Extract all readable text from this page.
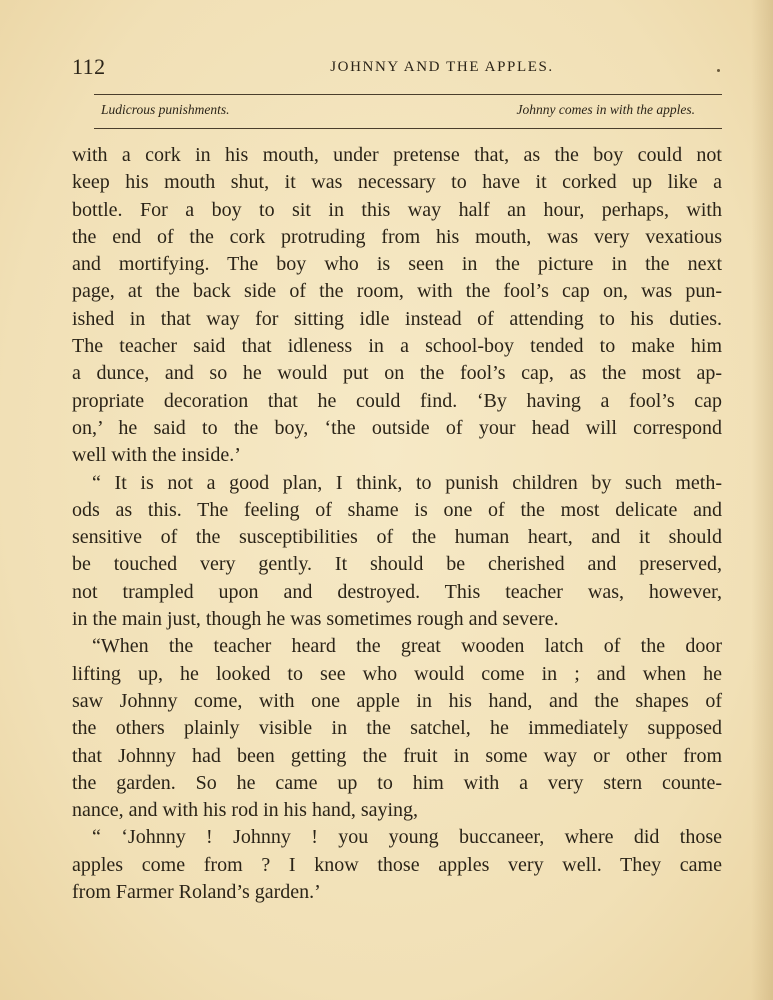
112	JOHNNY AND THE APPLES.
Ludicrous punishments.	Johnny comes in with the apples.
with a cork in his mouth, under pretense that, as the boy could not
keep his mouth shut, it was necessary to have it corked up like a
bottle. For a boy to sit in this way half an hour, perhaps, with
the end of the cork protruding from his mouth, was very vexatious
and mortifying. The boy who is seen in the picture in the next
page, at the back side of the room, with the fool’s cap on, was pun-
ished in that way for sitting idle instead of attending to his duties.
The teacher said that idleness in a school-boy tended to make him
a dunce, and so he would put on the fool’s cap, as the most ap-
propriate decoration that he could find. ‘By having a fool’s cap
on,’ he said to the boy, ‘the outside of your head will correspond
well with the inside.’
“ It is not a good plan, I think, to punish children by such meth-
ods as this. The feeling of shame is one of the most delicate and
sensitive of the susceptibilities of the human heart, and it should
be touched very gently. It should be cherished and preserved,
not trampled upon and destroyed. This teacher was, however,
in the main just, though he was sometimes rough and severe.
“When the teacher heard the great wooden latch of the door
lifting up, he looked to see who would come in ; and when he
saw Johnny come, with one apple in his hand, and the shapes of
the others plainly visible in the satchel, he immediately supposed
that Johnny had been getting the fruit in some way or other from
the garden. So he came up to him with a very stern counte-
nance, and with his rod in his hand, saying,
“ ‘Johnny ! Johnny ! you young buccaneer, where did those
apples come from ? I know those apples very well. They came
from Farmer Roland’s garden.’
